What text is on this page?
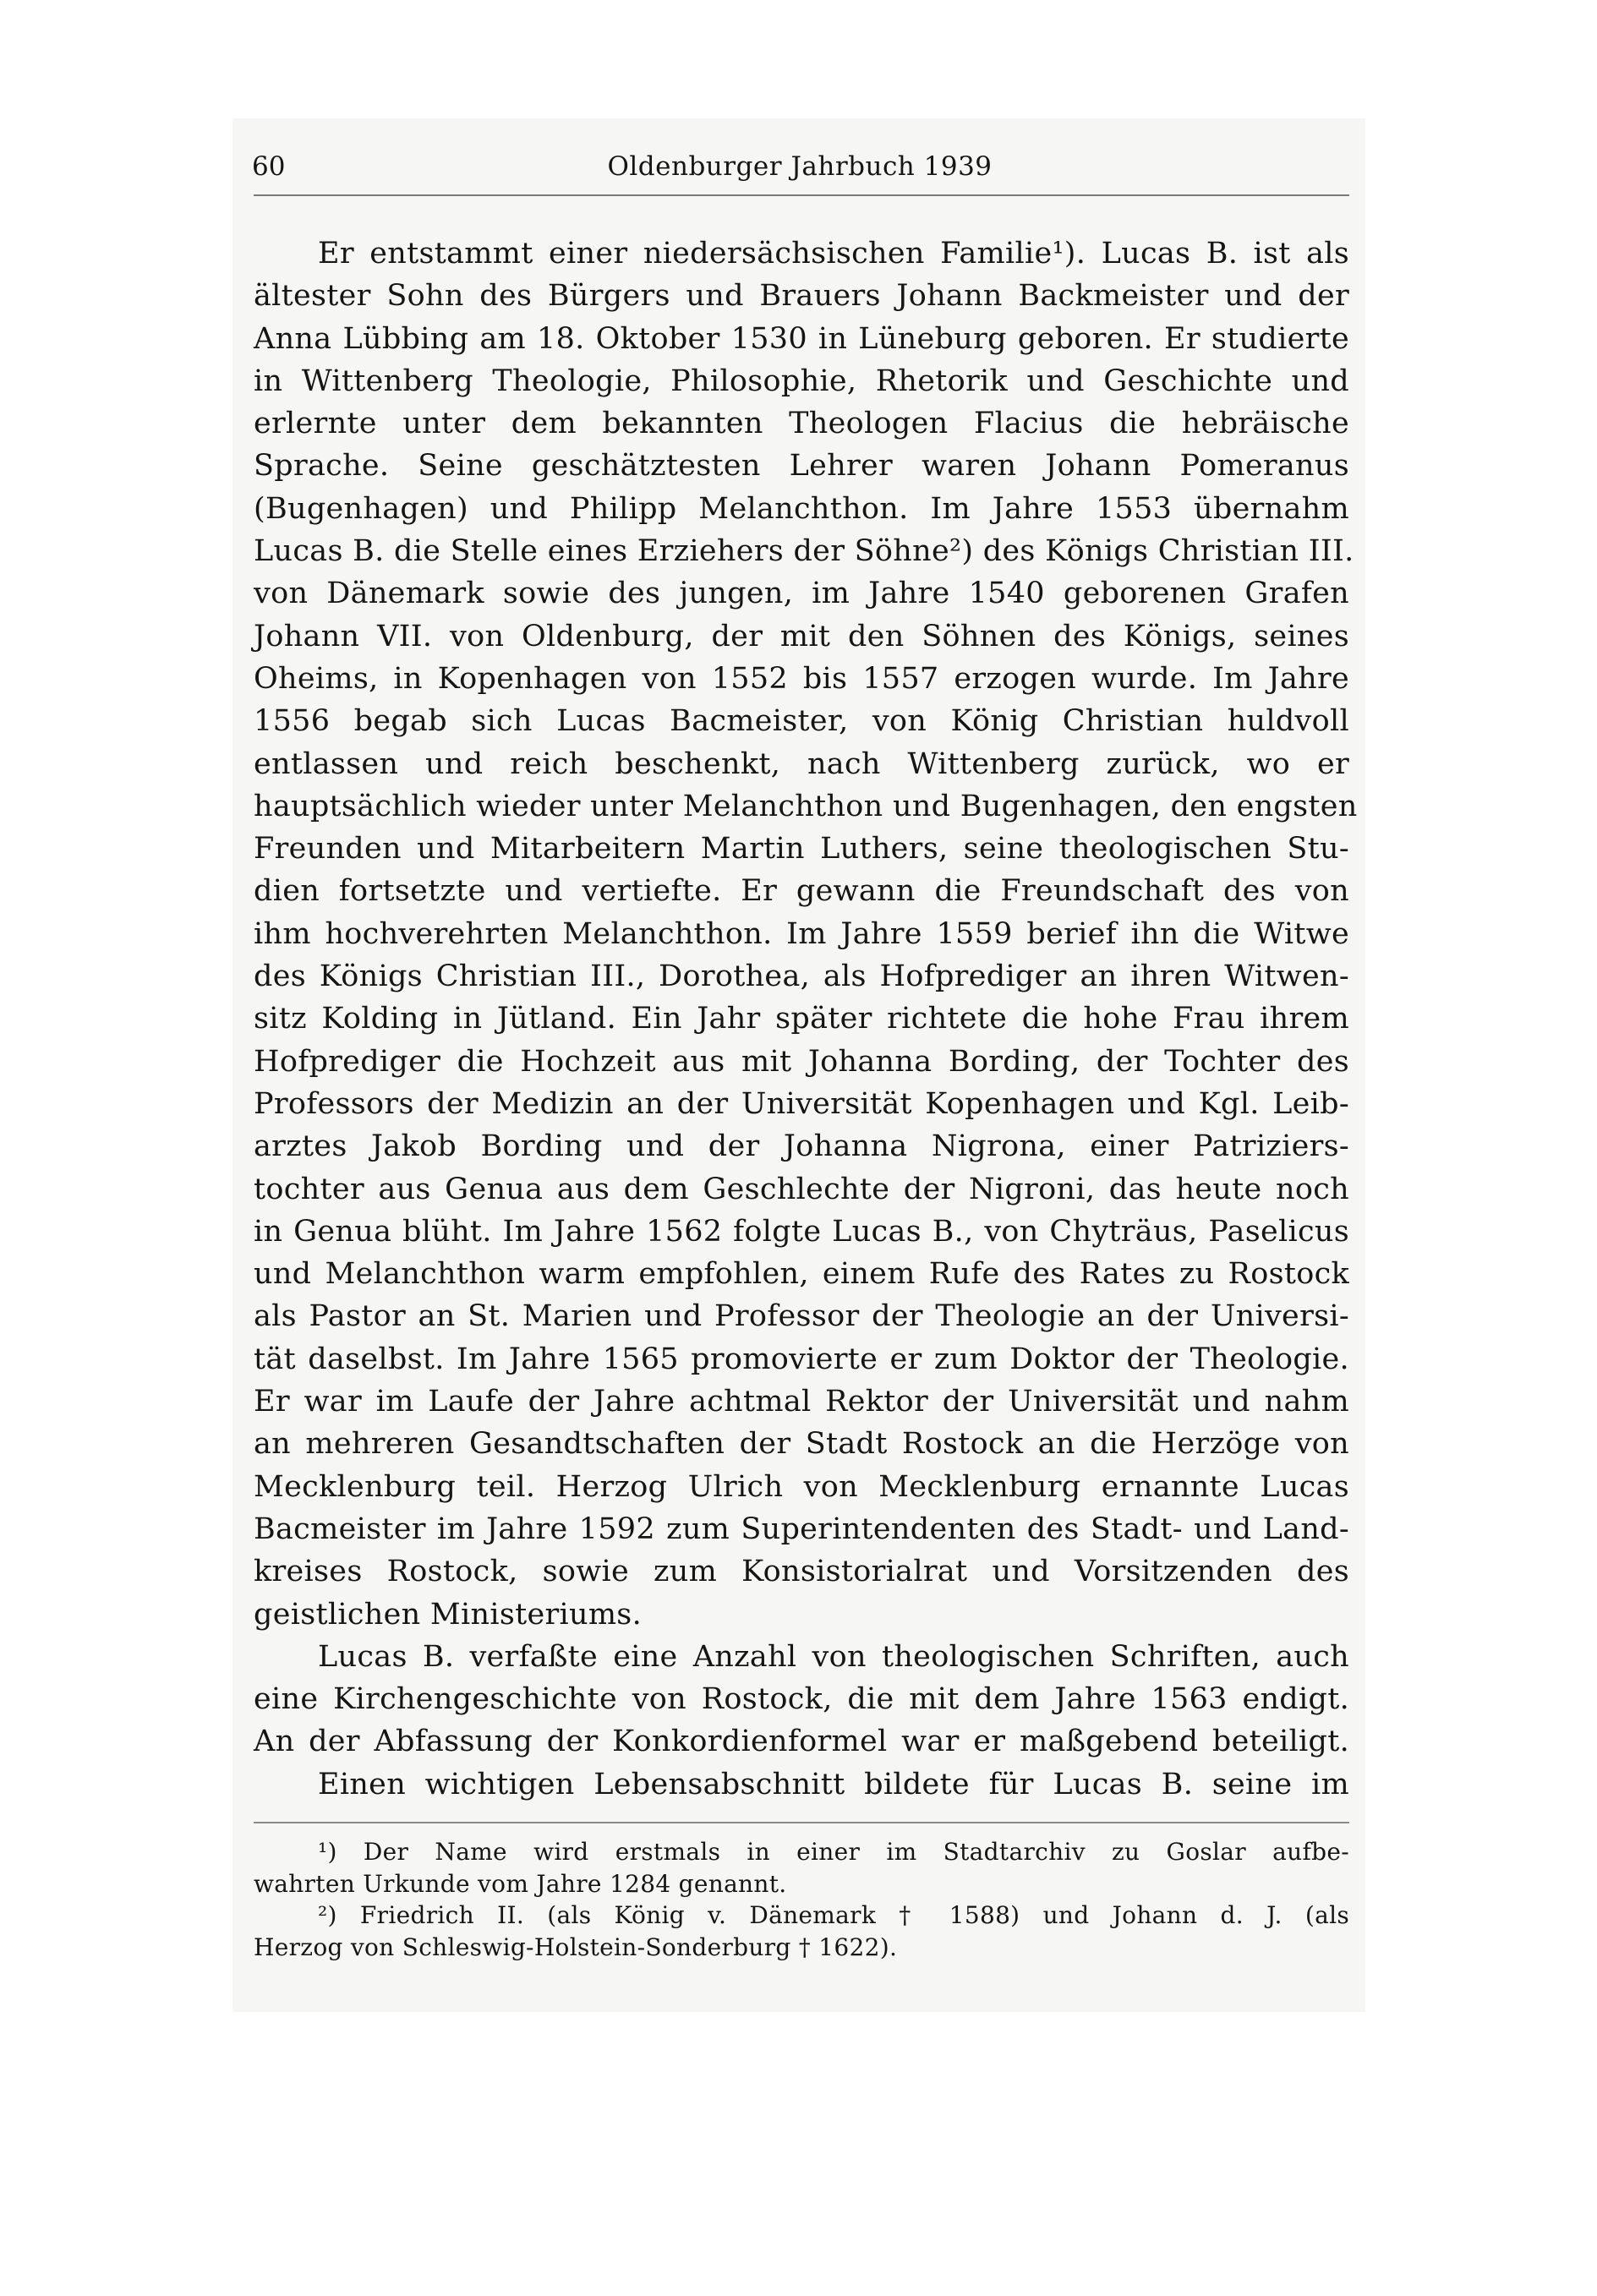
60	Oldenburger Jahrbuch 1939
Er entstammt einer niedersächsischen Familie¹). Lucas B. ist als
ältester Sohn des Bürgers und Brauers Johann Backmeister und der
Anna Lübbing am 18. Oktober 1530 in Lüneburg geboren. Er studierte
in Wittenberg Theologie, Philosophie, Rhetorik und Geschichte und
erlernte unter dem bekannten Theologen Flacius die hebräische
Sprache. Seine geschätztesten Lehrer waren Johann Pomeranus
(Bugenhagen) und Philipp Melanchthon. Im Jahre 1553 übernahm
Lucas B. die Stelle eines Erziehers der Söhne²) des Königs Christian III.
von Dänemark sowie des jungen, im Jahre 1540 geborenen Grafen
Johann VII. von Oldenburg, der mit den Söhnen des Königs, seines
Oheims, in Kopenhagen von 1552 bis 1557 erzogen wurde. Im Jahre
1556 begab sich Lucas Bacmeister, von König Christian huldvoll
entlassen und reich beschenkt, nach Wittenberg zurück, wo er
hauptsächlich wieder unter Melanchthon und Bugenhagen, den engsten
Freunden und Mitarbeitern Martin Luthers, seine theologischen Stu-
dien fortsetzte und vertiefte. Er gewann die Freundschaft des von
ihm hochverehrten Melanchthon. Im Jahre 1559 berief ihn die Witwe
des Königs Christian III., Dorothea, als Hofprediger an ihren Witwen-
sitz Kolding in Jütland. Ein Jahr später richtete die hohe Frau ihrem
Hofprediger die Hochzeit aus mit Johanna Bording, der Tochter des
Professors der Medizin an der Universität Kopenhagen und Kgl. Leib-
arztes Jakob Bording und der Johanna Nigrona, einer Patriziers-
tochter aus Genua aus dem Geschlechte der Nigroni, das heute noch
in Genua blüht. Im Jahre 1562 folgte Lucas B., von Chyträus, Paselicus
und Melanchthon warm empfohlen, einem Rufe des Rates zu Rostock
als Pastor an St. Marien und Professor der Theologie an der Universi-
tät daselbst. Im Jahre 1565 promovierte er zum Doktor der Theologie.
Er war im Laufe der Jahre achtmal Rektor der Universität und nahm
an mehreren Gesandtschaften der Stadt Rostock an die Herzöge von
Mecklenburg teil. Herzog Ulrich von Mecklenburg ernannte Lucas
Bacmeister im Jahre 1592 zum Superintendenten des Stadt- und Land-
kreises Rostock, sowie zum Konsistorialrat und Vorsitzenden des
geistlichen Ministeriums.
Lucas B. verfaßte eine Anzahl von theologischen Schriften, auch
eine Kirchengeschichte von Rostock, die mit dem Jahre 1563 endigt.
An der Abfassung der Konkordienformel war er maßgebend beteiligt.
Einen wichtigen Lebensabschnitt bildete für Lucas B. seine im
¹) Der Name wird erstmals in einer im Stadtarchiv zu Goslar aufbe-
wahrten Urkunde vom Jahre 1284 genannt.
²) Friedrich II. (als König v. Dänemark † 1588) und Johann d. J. (als
Herzog von Schleswig-Holstein-Sonderburg † 1622).
